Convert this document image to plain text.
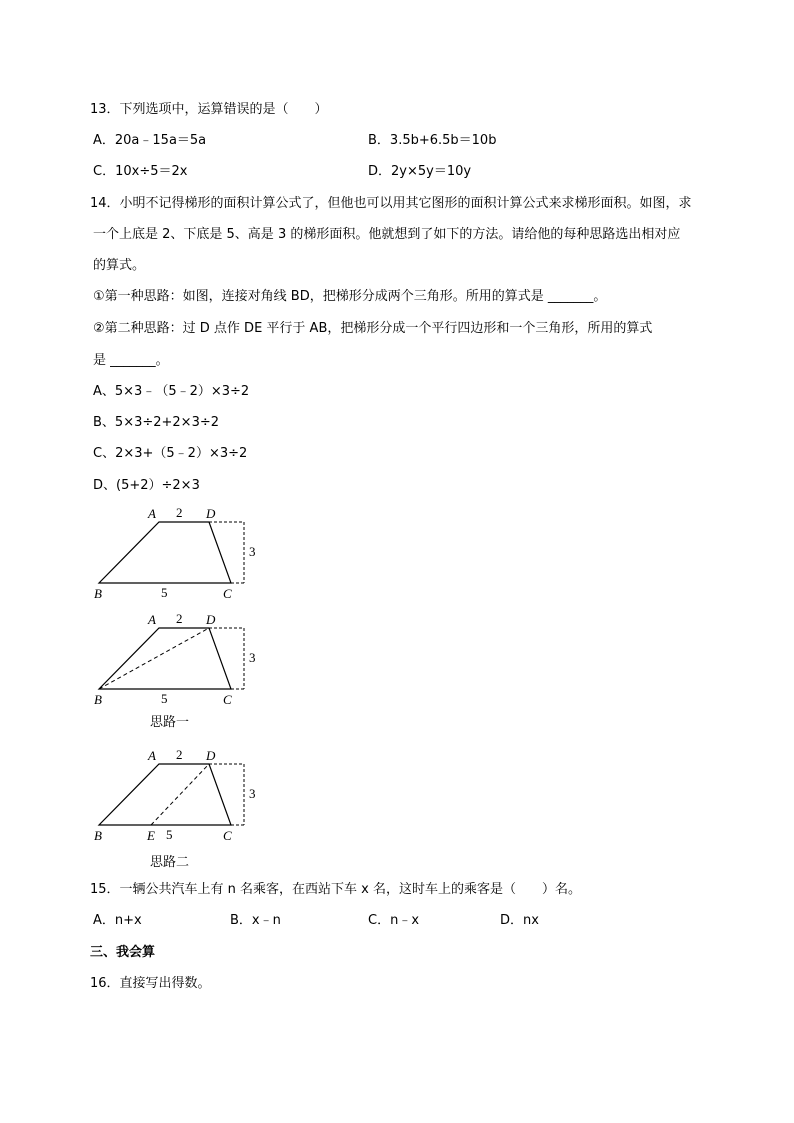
13．下列选项中，运算错误的是（　　）
A．20a﹣15a＝5a	B．3.5b+6.5b＝10b
C．10x÷5＝2x	D．2y×5y＝10y
14．小明不记得梯形的面积计算公式了，但他也可以用其它图形的面积计算公式来求梯形面积。如图，求
一个上底是 2、下底是 5、高是 3 的梯形面积。他就想到了如下的方法。请给他的每种思路选出相对应
的算式。
①第一种思路：如图，连接对角线 BD，把梯形分成两个三角形。所用的算式是 _______。
②第二种思路：过 D 点作 DE 平行于 AB，把梯形分成一个平行四边形和一个三角形，所用的算式
是 _______。
A、5×3﹣（5﹣2）×3÷2
B、5×3÷2+2×3÷2
C、2×3+（5﹣2）×3÷2
D、(5+2）÷2×3
A 2 D
3
B	5	C
A 2 D
3
B	5	C
思路一
A 2 D
3
B	E 5	C
思路二
15．一辆公共汽车上有 n 名乘客，在西站下车 x 名，这时车上的乘客是（　　）名。
A．n+x	B．x﹣n	C．n﹣x	D．nx
三、我会算
16．直接写出得数。
